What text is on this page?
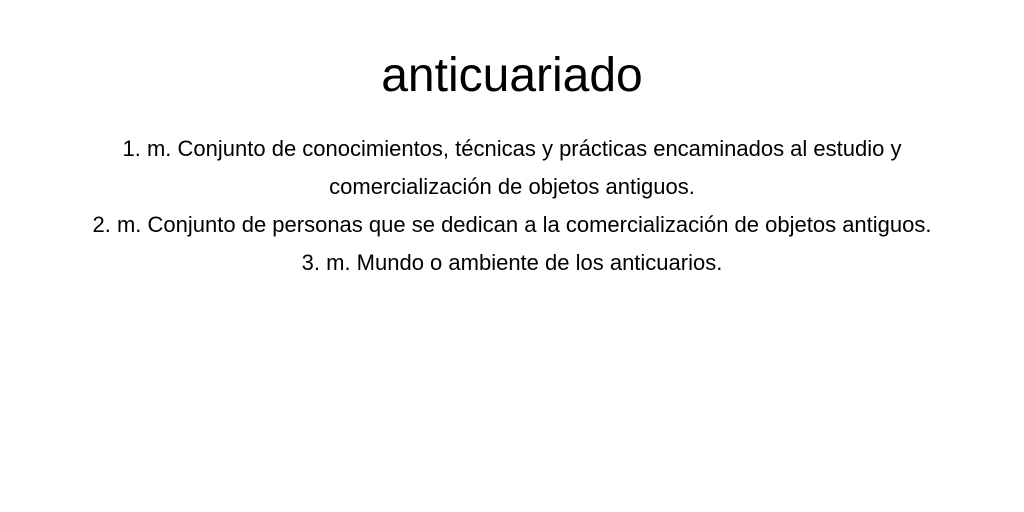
anticuariado

1. m. Conjunto de conocimientos, técnicas y prácticas encaminados al estudio y comercialización de objetos antiguos.

2. m. Conjunto de personas que se dedican a la comercialización de objetos antiguos.

3. m. Mundo o ambiente de los anticuarios.
